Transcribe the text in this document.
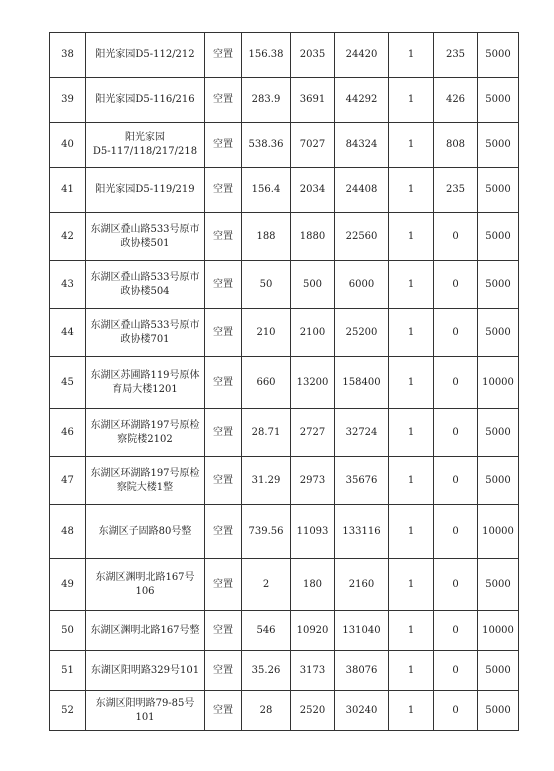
38	阳光家园D5-112/212	空置	156.38	2035	24420	1	235	5000
39	阳光家园D5-116/216	空置	283.9	3691	44292	1	426	5000
40	阳光家园
D5-117/118/217/218	空置	538.36	7027	84324	1	808	5000
41	阳光家园D5-119/219	空置	156.4	2034	24408	1	235	5000
42	东湖区叠山路533号原市
政协楼501	空置	188	1880	22560	1	0	5000
43	东湖区叠山路533号原市
政协楼504	空置	50	500	6000	1	0	5000
44	东湖区叠山路533号原市
政协楼701	空置	210	2100	25200	1	0	5000
45	东湖区苏圃路119号原体
育局大楼1201	空置	660	13200	158400	1	0	10000
46	东湖区环湖路197号原检
察院楼2102	空置	28.71	2727	32724	1	0	5000
47	东湖区环湖路197号原检
察院大楼1整	空置	31.29	2973	35676	1	0	5000
48	东湖区子固路80号整	空置	739.56	11093	133116	1	0	10000
49	东湖区渊明北路167号
106	空置	2	180	2160	1	0	5000
50	东湖区渊明北路167号整	空置	546	10920	131040	1	0	10000
51	东湖区阳明路329号101	空置	35.26	3173	38076	1	0	5000
52	东湖区阳明路79-85号
101	空置	28	2520	30240	1	0	5000
